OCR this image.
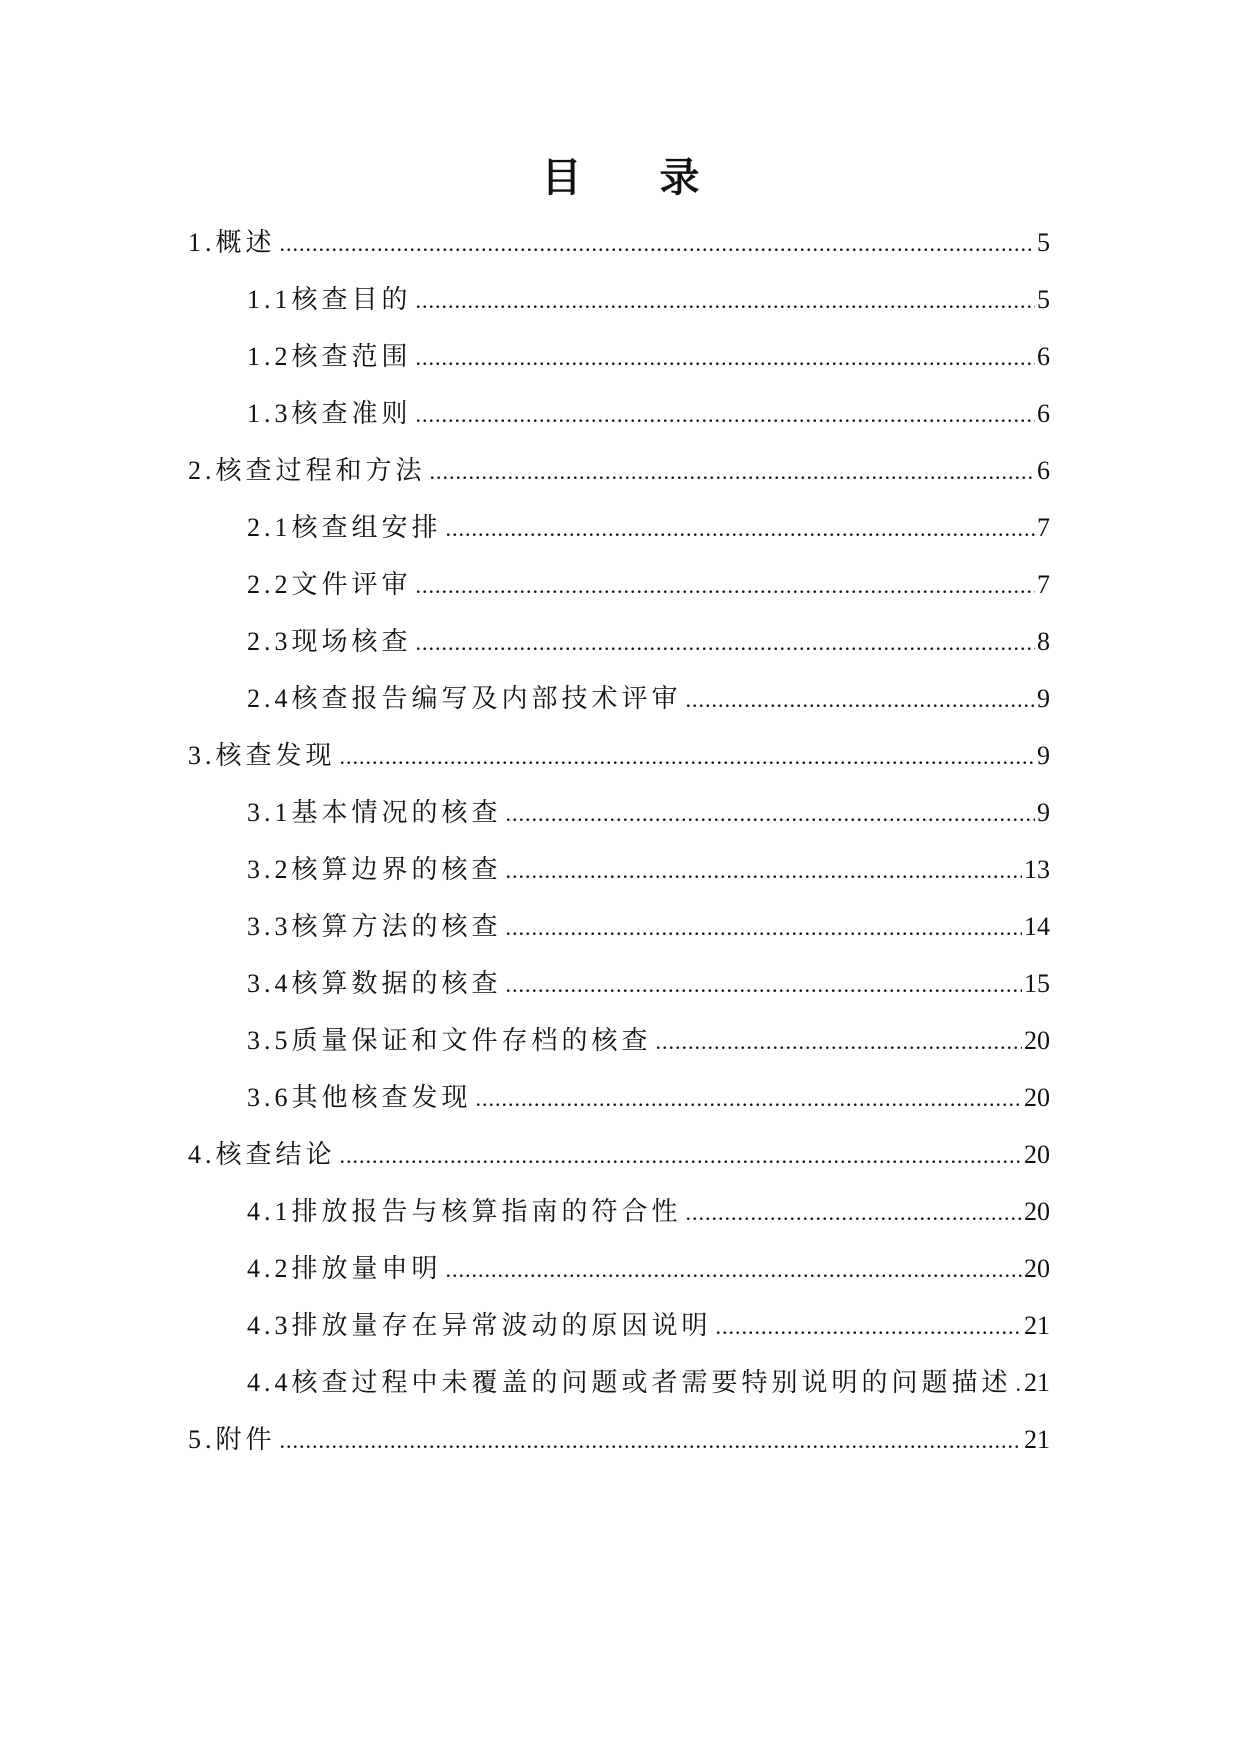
目 录
1.概述 .....	5
1.1核查目的 .....	5
1.2核查范围 .....	6
1.3核查准则 .....	6
2.核查过程和方法 .....	6
2.1核查组安排 .....	7
2.2文件评审 .....	7
2.3现场核查 .....	8
2.4核查报告编写及内部技术评审 .....	9
3.核查发现 .....	9
3.1基本情况的核查 .....	9
3.2核算边界的核查 .....	13
3.3核算方法的核查 .....	14
3.4核算数据的核查 .....	15
3.5质量保证和文件存档的核查 .....	20
3.6其他核查发现 .....	20
4.核查结论 .....	20
4.1排放报告与核算指南的符合性 .....	20
4.2排放量申明 .....	20
4.3排放量存在异常波动的原因说明 .....	21
4.4核查过程中未覆盖的问题或者需要特别说明的问题描述 ..... 21
5.附件 .....	21
